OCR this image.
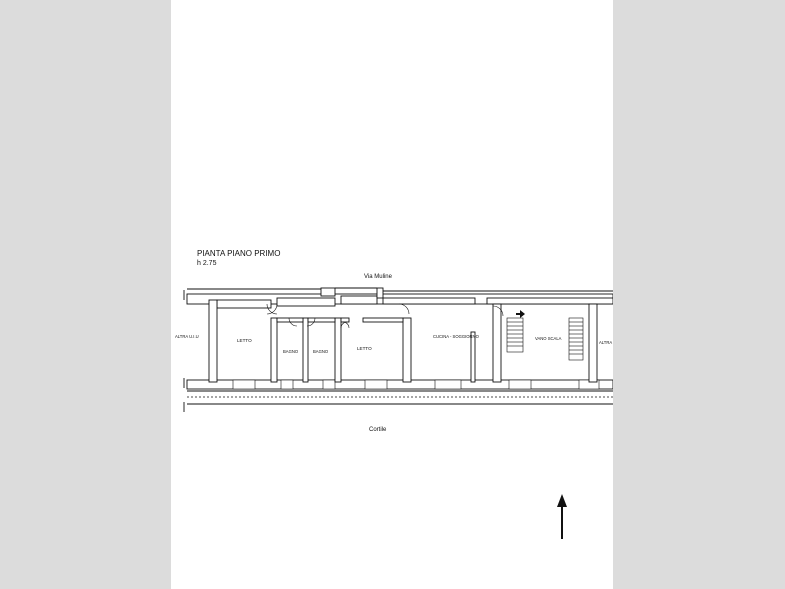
PIANTA PIANO PRIMO
h 2.75
Via Muline
ALTRA U.I.U
LETTO
BAGNO	BAGNO
LETTO
CUCINA - SOGGIORNO	VANO SCALA
ALTRA
Cortile
